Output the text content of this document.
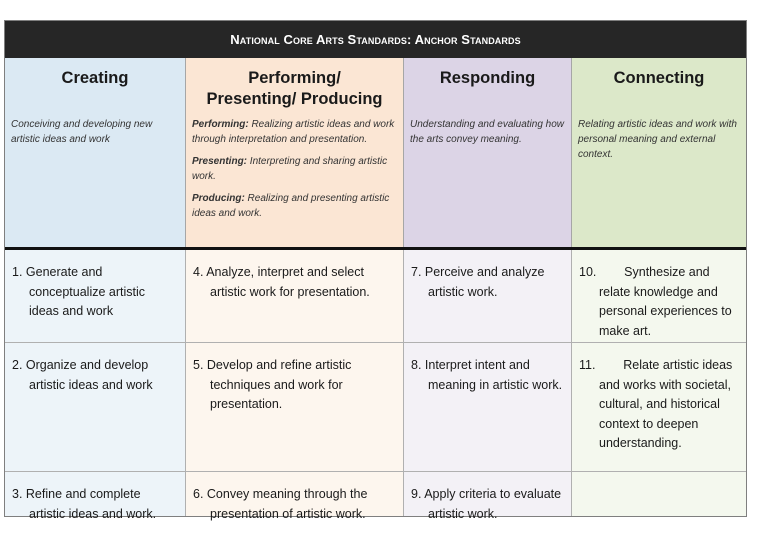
National Core Arts Standards: Anchor Standards
Creating
Conceiving and developing new artistic ideas and work
Performing/ Presenting/ Producing
Performing: Realizing artistic ideas and work through interpretation and presentation.
Presenting: Interpreting and sharing artistic work.
Producing: Realizing and presenting artistic ideas and work.
Responding
Understanding and evaluating how the arts convey meaning.
Connecting
Relating artistic ideas and work with personal meaning and external context.
1. Generate and conceptualize artistic ideas and work
4. Analyze, interpret and select artistic work for presentation.
7. Perceive and analyze artistic work.
10.        Synthesize and relate knowledge and personal experiences to make art.
2. Organize and develop artistic ideas and work
5. Develop and refine artistic techniques and work for presentation.
8. Interpret intent and meaning in artistic work.
11.        Relate artistic ideas and works with societal, cultural, and historical context to deepen understanding.
3. Refine and complete artistic ideas and work.
6. Convey meaning through the presentation of artistic work.
9. Apply criteria to evaluate artistic work.
